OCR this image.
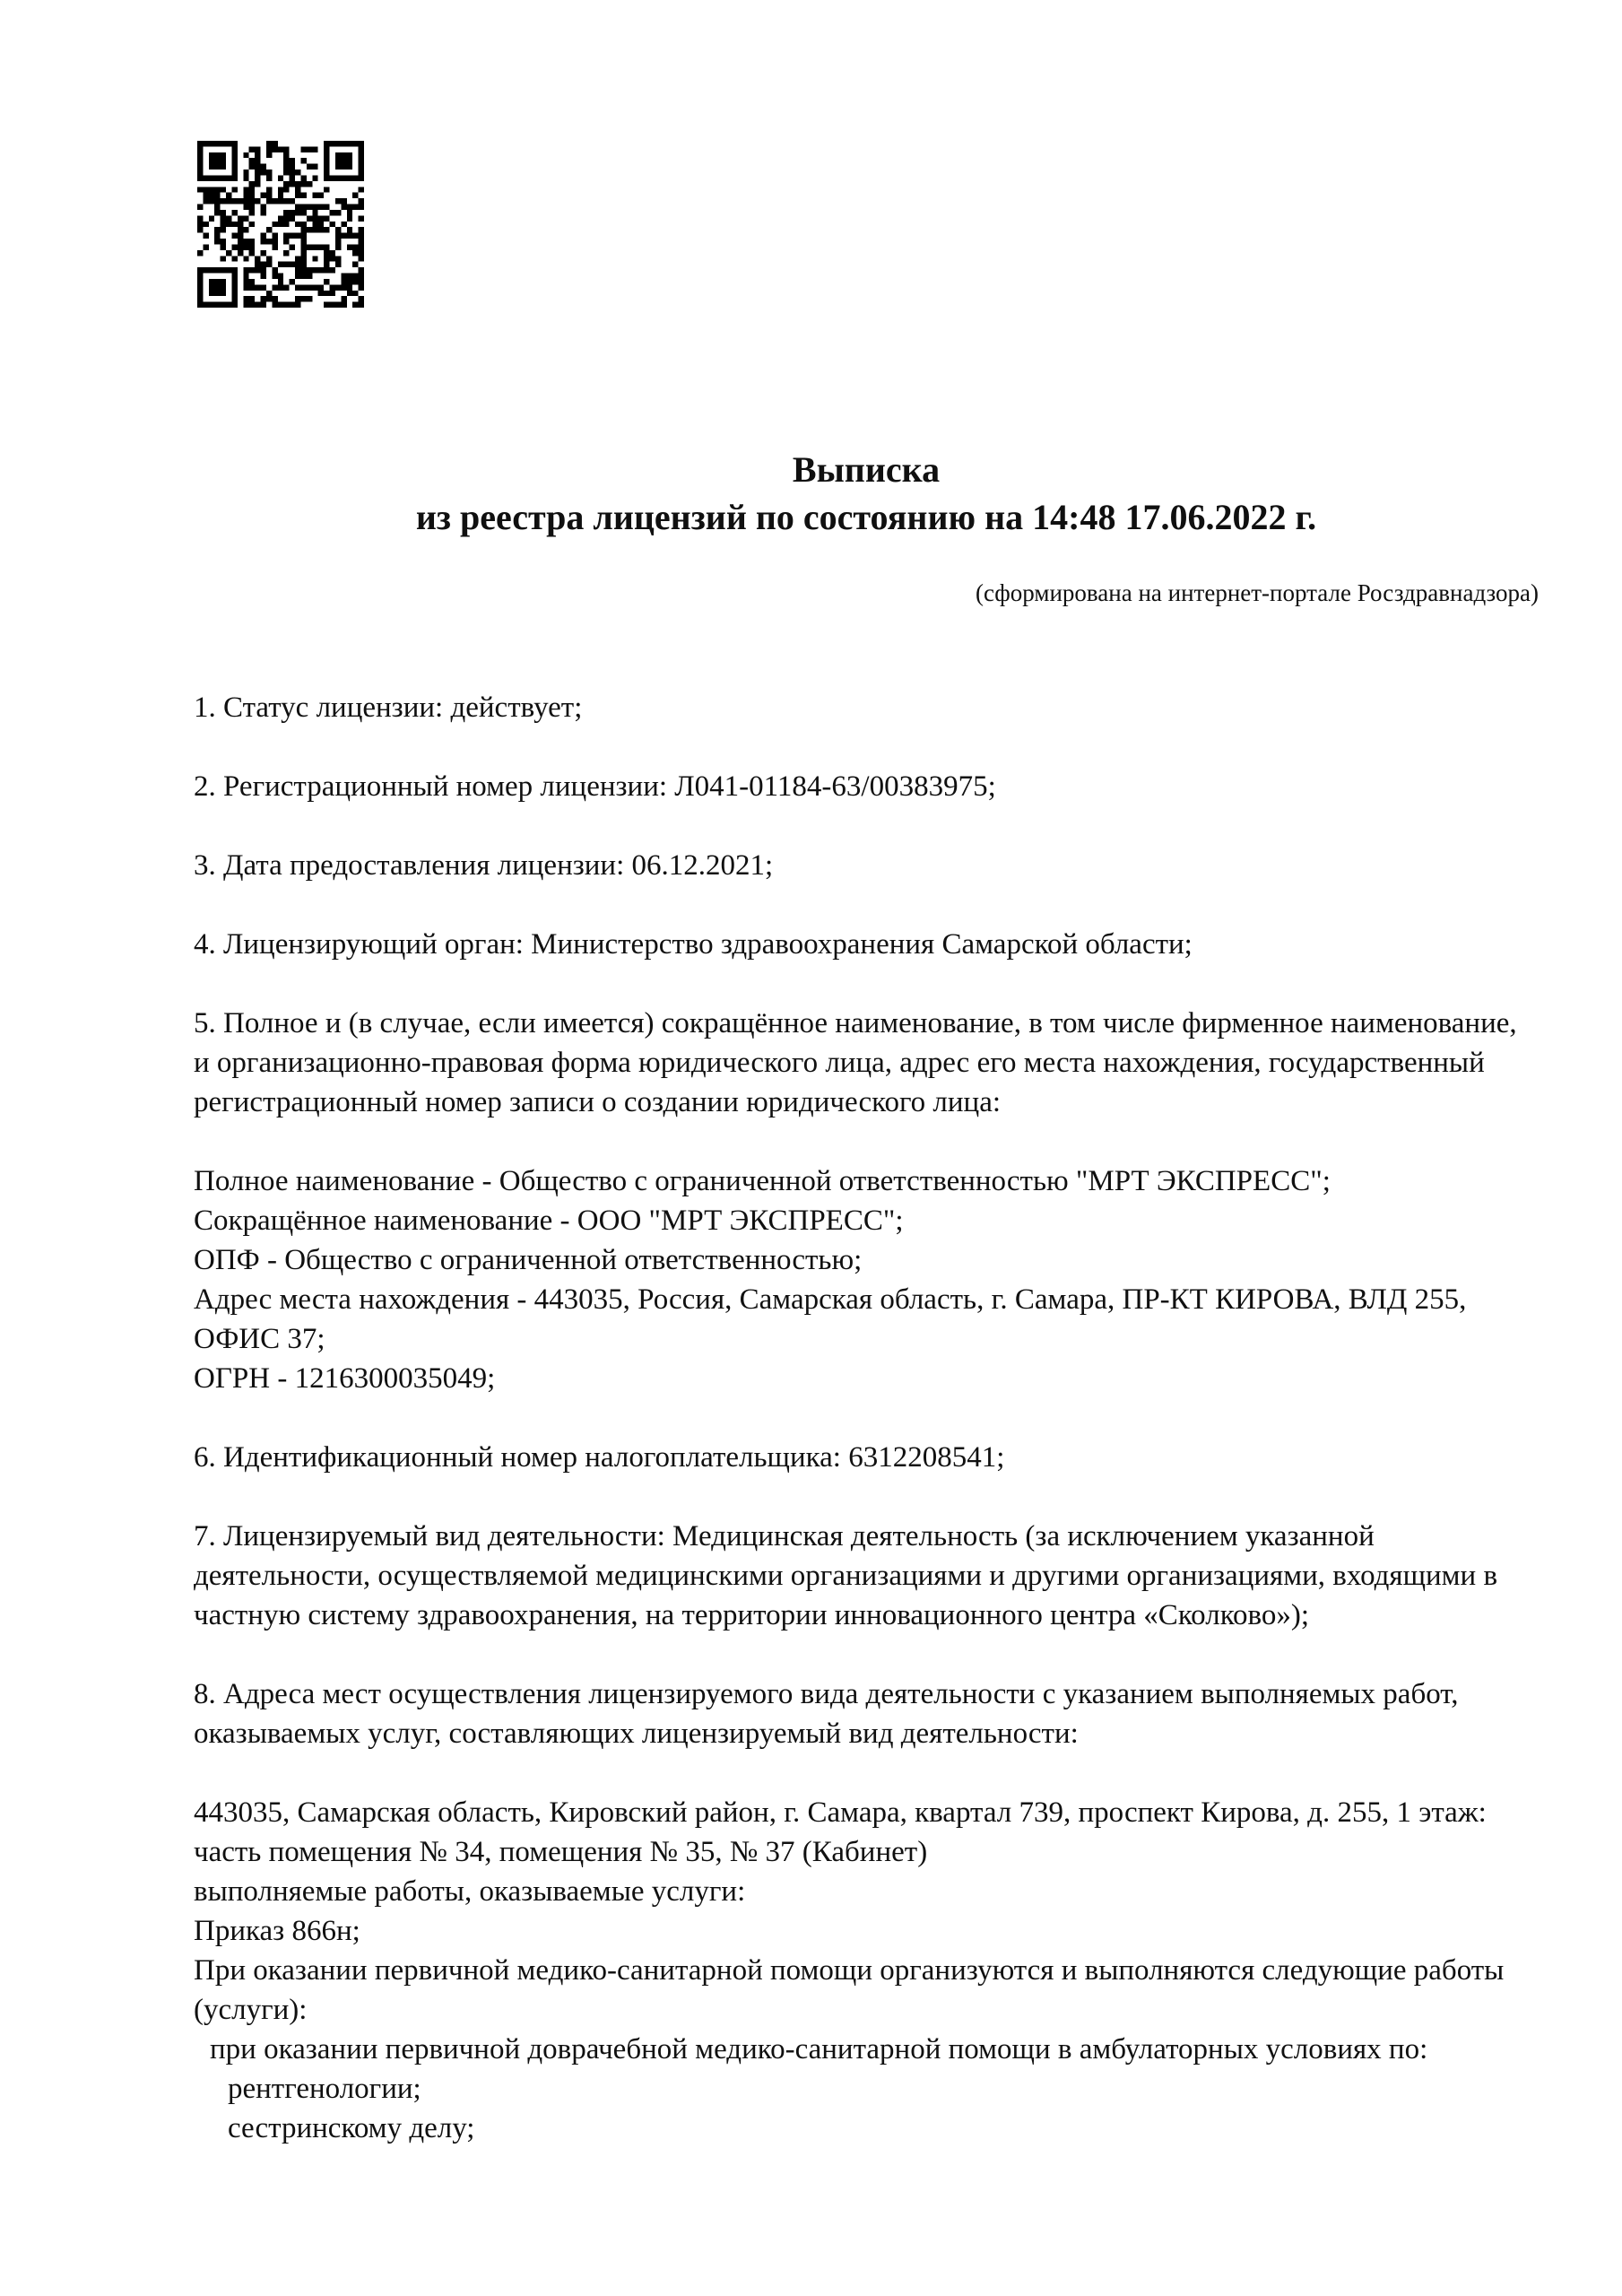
Выписка
из реестра лицензий по состоянию на 14:48 17.06.2022 г.
(сформирована на интернет-портале Росздравнадзора)

1. Статус лицензии: действует;

2. Регистрационный номер лицензии: Л041-01184-63/00383975;

3. Дата предоставления лицензии: 06.12.2021;

4. Лицензирующий орган: Министерство здравоохранения Самарской области;

5. Полное и (в случае, если имеется) сокращённое наименование, в том числе фирменное наименование, и организационно-правовая форма юридического лица, адрес его места нахождения, государственный регистрационный номер записи о создании юридического лица:

Полное наименование - Общество с ограниченной ответственностью "МРТ ЭКСПРЕСС";
Сокращённое наименование - ООО "МРТ ЭКСПРЕСС";
ОПФ - Общество с ограниченной ответственностью;
Адрес места нахождения - 443035, Россия, Самарская область, г. Самара, ПР-КТ КИРОВА, ВЛД 255, ОФИС 37;
ОГРН - 1216300035049;

6. Идентификационный номер налогоплательщика: 6312208541;

7. Лицензируемый вид деятельности: Медицинская деятельность (за исключением указанной деятельности, осуществляемой медицинскими организациями и другими организациями, входящими в частную систему здравоохранения, на территории инновационного центра «Сколково»);

8. Адреса мест осуществления лицензируемого вида деятельности с указанием выполняемых работ, оказываемых услуг, составляющих лицензируемый вид деятельности:

443035, Самарская область, Кировский район, г. Самара, квартал 739, проспект Кирова, д. 255, 1 этаж: часть помещения № 34, помещения № 35, № 37 (Кабинет)
выполняемые работы, оказываемые услуги:
Приказ 866н;
При оказании первичной медико-санитарной помощи организуются и выполняются следующие работы (услуги):
при оказании первичной доврачебной медико-санитарной помощи в амбулаторных условиях по:
рентгенологии;
сестринскому делу;
